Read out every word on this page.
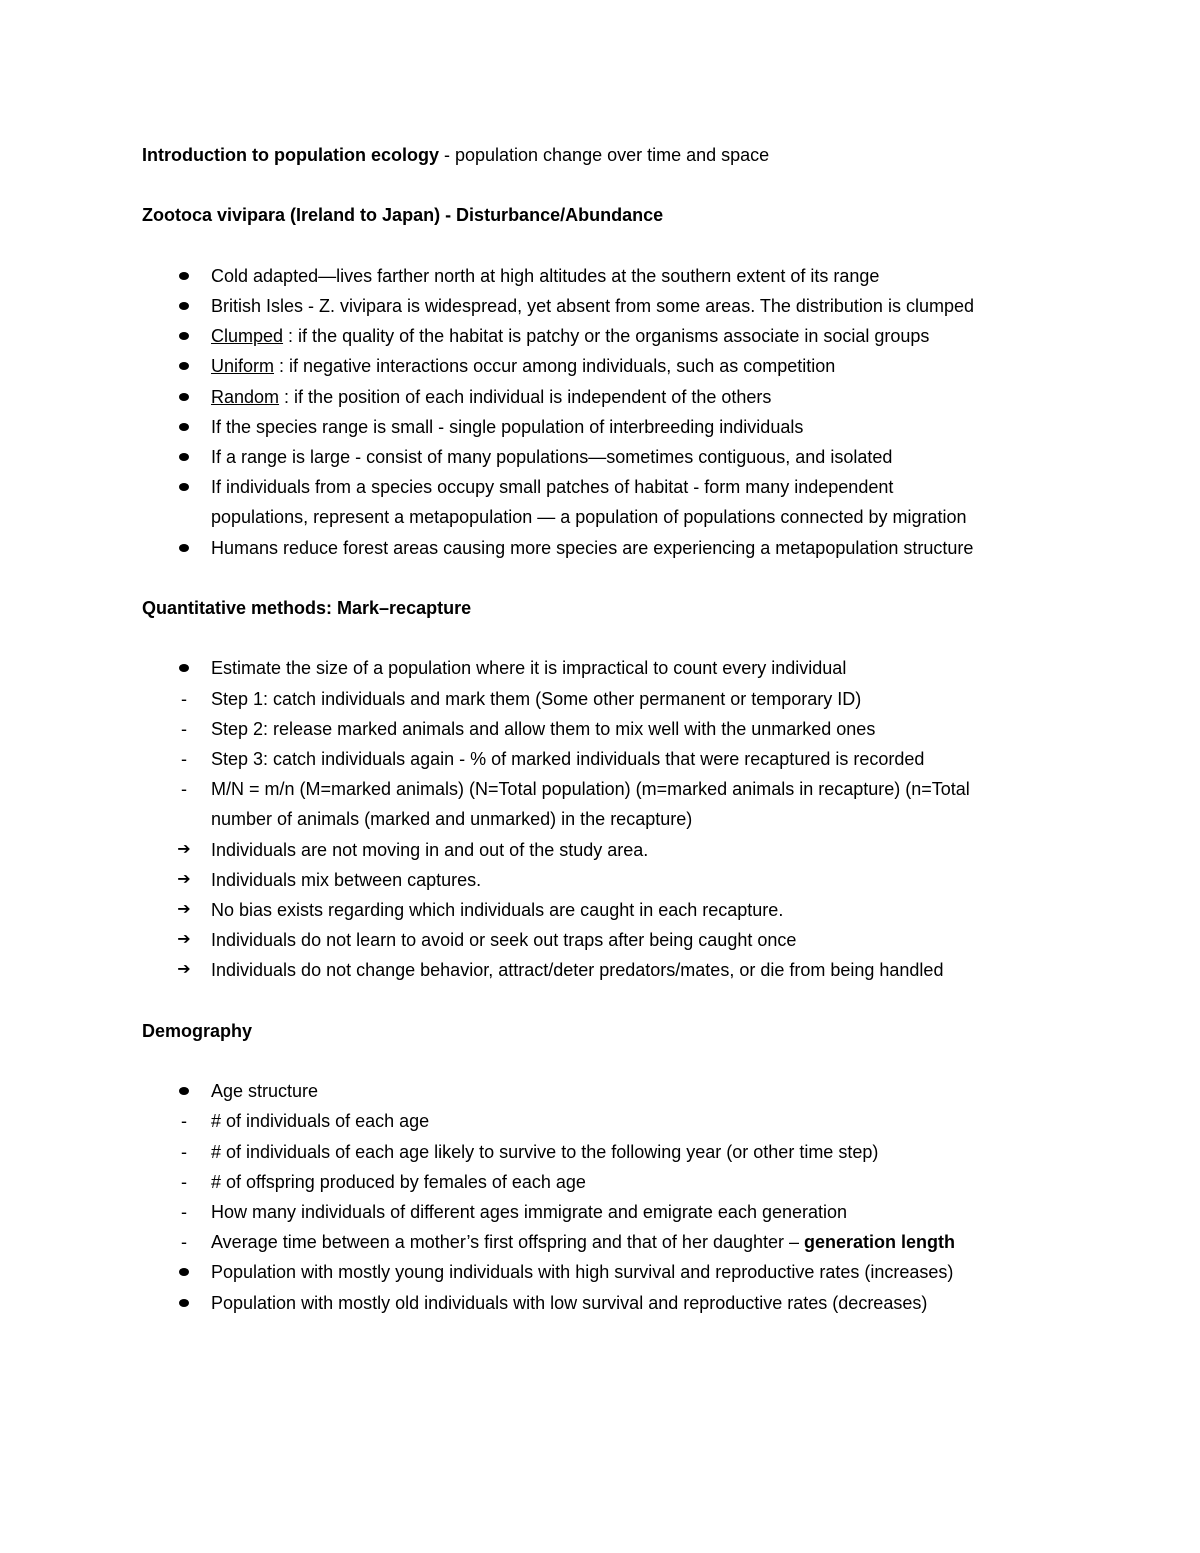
Introduction to population ecology - population change over time and space
Zootoca vivipara (Ireland to Japan) - Disturbance/Abundance
Cold adapted—lives farther north at high altitudes at the southern extent of its range
British Isles - Z. vivipara is widespread, yet absent from some areas. The distribution is clumped
Clumped : if the quality of the habitat is patchy or the organisms associate in social groups
Uniform : if negative interactions occur among individuals, such as competition
Random : if the position of each individual is independent of the others
If the species range is small - single population of interbreeding individuals
If a range is large - consist of many populations—sometimes contiguous, and isolated
If individuals from a species occupy small patches of habitat - form many independent
populations, represent a metapopulation — a population of populations connected by migration
Humans reduce forest areas causing more species are experiencing a metapopulation structure
Quantitative methods: Mark–recapture
Estimate the size of a population where it is impractical to count every individual
-	Step 1: catch individuals and mark them (Some other permanent or temporary ID)
-	Step 2: release marked animals and allow them to mix well with the unmarked ones
-	Step 3: catch individuals again - % of marked individuals that were recaptured is recorded
-	M/N = m/n (M=marked animals) (N=Total population) (m=marked animals in recapture) (n=Total
number of animals (marked and unmarked) in the recapture)
➔ Individuals are not moving in and out of the study area.
➔ Individuals mix between captures.
➔ No bias exists regarding which individuals are caught in each recapture.
➔ Individuals do not learn to avoid or seek out traps after being caught once
➔ Individuals do not change behavior, attract/deter predators/mates, or die from being handled
Demography
Age structure
-	# of individuals of each age
-	# of individuals of each age likely to survive to the following year (or other time step)
-	# of offspring produced by females of each age
-	How many individuals of different ages immigrate and emigrate each generation
-	Average time between a mother’s first offspring and that of her daughter – generation length
Population with mostly young individuals with high survival and reproductive rates (increases)
Population with mostly old individuals with low survival and reproductive rates (decreases)
